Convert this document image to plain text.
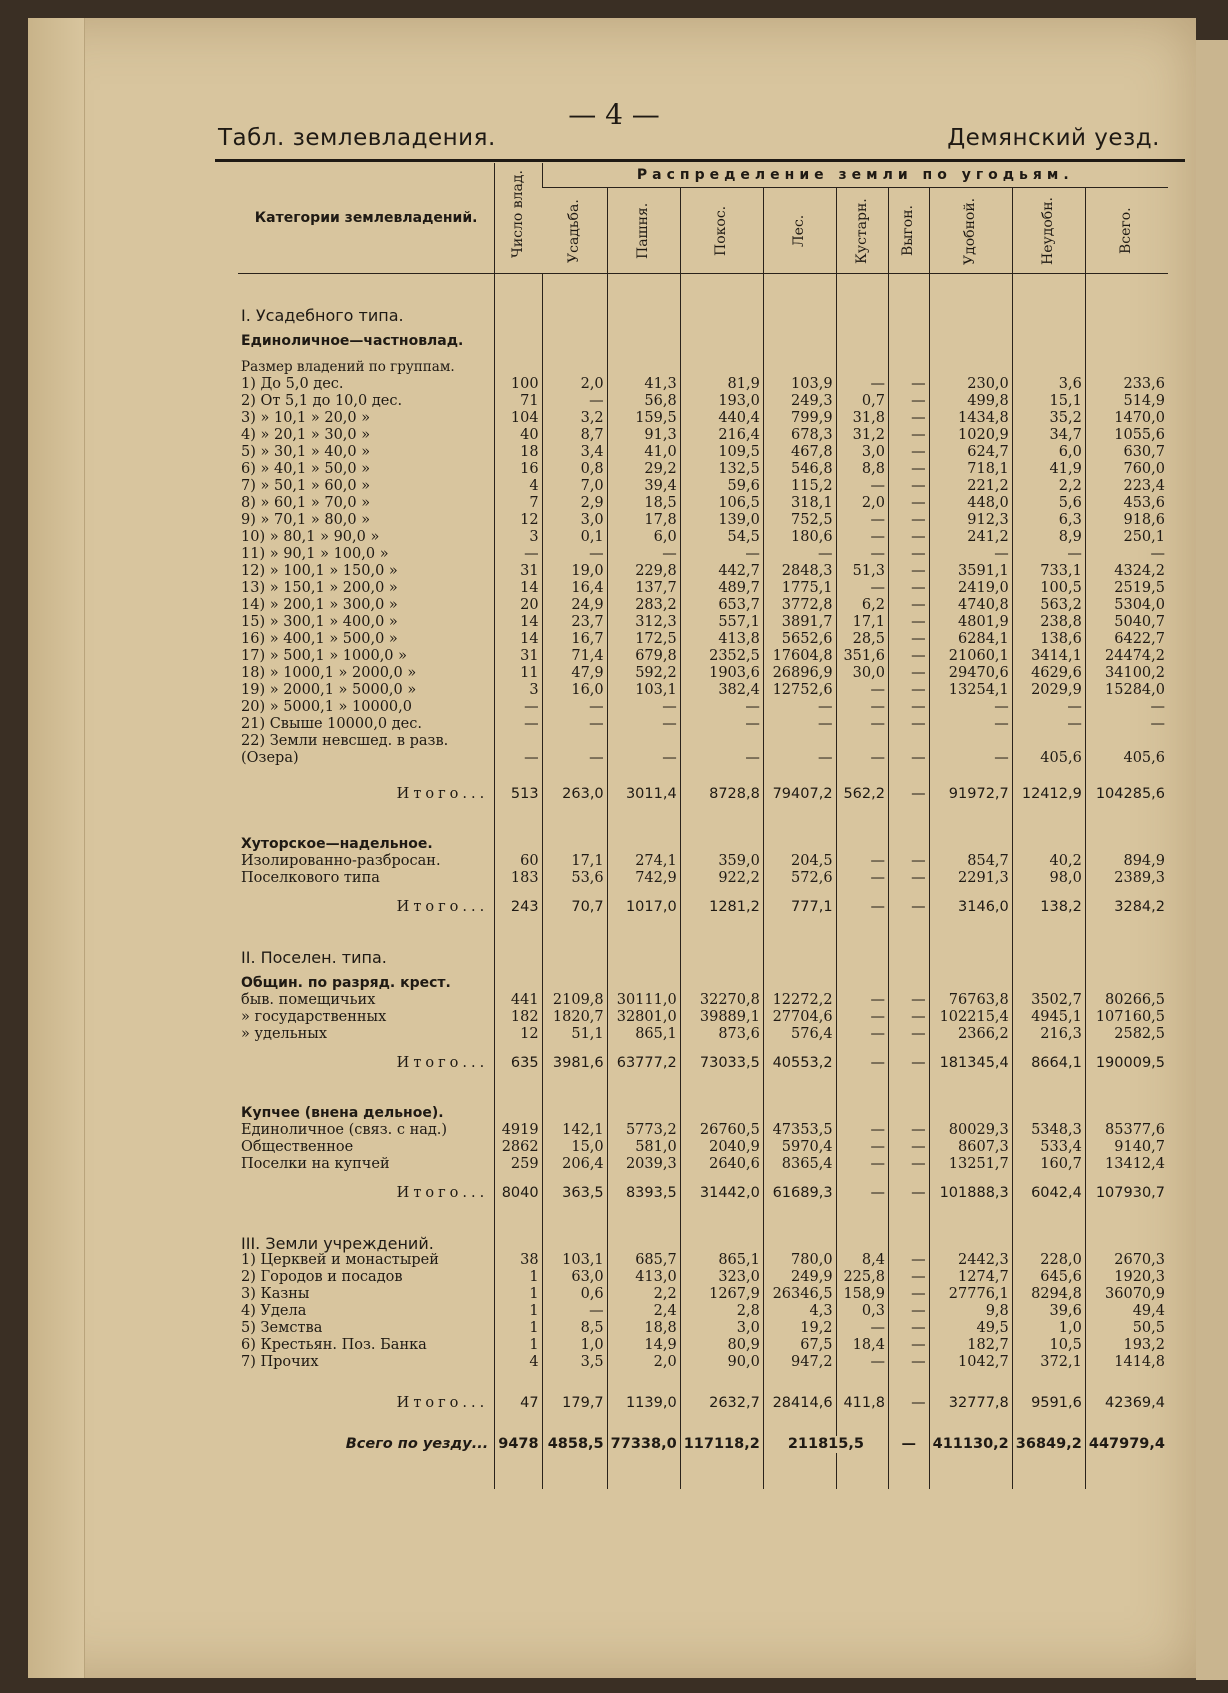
— 4 —
Табл. землевладения.	Демянский уезд.
Категории землевладений.	Число влад.	Распределение земли по угодьям.								

		Усадьба.	Пашня.	Покос.	Лес.	Кустарн.	Выгон.	Удобной.	Неудобн.	Всего.

I. Усадебного типа.										
Единоличное—частновлад.										
Размер владений по группам.										
1) До 5,0 дес.	100	2,0	41,3	81,9	103,9	—	—	230,0	3,6	233,6
2) От 5,1 до 10,0 дес.	71	—	56,8	193,0	249,3	0,7	—	499,8	15,1	514,9
3) » 10,1 » 20,0 »	104	3,2	159,5	440,4	799,9	31,8	—	1434,8	35,2	1470,0
4) » 20,1 » 30,0 »	40	8,7	91,3	216,4	678,3	31,2	—	1020,9	34,7	1055,6
5) » 30,1 » 40,0 »	18	3,4	41,0	109,5	467,8	3,0	—	624,7	6,0	630,7
6) » 40,1 » 50,0 »	16	0,8	29,2	132,5	546,8	8,8	—	718,1	41,9	760,0
7) » 50,1 » 60,0 »	4	7,0	39,4	59,6	115,2	—	—	221,2	2,2	223,4
8) » 60,1 » 70,0 »	7	2,9	18,5	106,5	318,1	2,0	—	448,0	5,6	453,6
9) » 70,1 » 80,0 »	12	3,0	17,8	139,0	752,5	—	—	912,3	6,3	918,6
10) » 80,1 » 90,0 »	3	0,1	6,0	54,5	180,6	—	—	241,2	8,9	250,1
11) » 90,1 » 100,0 »	—	—	—	—	—	—	—	—	—	—
12) » 100,1 » 150,0 »	31	19,0	229,8	442,7	2848,3	51,3	—	3591,1	733,1	4324,2
13) » 150,1 » 200,0 »	14	16,4	137,7	489,7	1775,1	—	—	2419,0	100,5	2519,5
14) » 200,1 » 300,0 »	20	24,9	283,2	653,7	3772,8	6,2	—	4740,8	563,2	5304,0
15) » 300,1 » 400,0 »	14	23,7	312,3	557,1	3891,7	17,1	—	4801,9	238,8	5040,7
16) » 400,1 » 500,0 »	14	16,7	172,5	413,8	5652,6	28,5	—	6284,1	138,6	6422,7
17) » 500,1 » 1000,0 »	31	71,4	679,8	2352,5	17604,8	351,6	—	21060,1	3414,1	24474,2
18) » 1000,1 » 2000,0 »	11	47,9	592,2	1903,6	26896,9	30,0	—	29470,6	4629,6	34100,2
19) » 2000,1 » 5000,0 »	3	16,0	103,1	382,4	12752,6	—	—	13254,1	2029,9	15284,0
20) » 5000,1 » 10000,0	—	—	—	—	—	—	—	—	—	—
21) Свыше 10000,0 дес.	—	—	—	—	—	—	—	—	—	—
22) Земли невсшед. в разв.										
(Озера)	—	—	—	—	—	—	—	—	405,6	405,6

Итого...	513	263,0	3011,4	8728,8	79407,2	562,2	—	91972,7	12412,9	104285,6

Хуторское—надельное.										
Изолированно-разбросан.	60	17,1	274,1	359,0	204,5	—	—	854,7	40,2	894,9
Поселкового типа	183	53,6	742,9	922,2	572,6	—	—	2291,3	98,0	2389,3

Итого...	243	70,7	1017,0	1281,2	777,1	—	—	3146,0	138,2	3284,2

II. Поселен. типа.										
Общин. по разряд. крест.										
быв. помещичьих	441	2109,8	30111,0	32270,8	12272,2	—	—	76763,8	3502,7	80266,5
» государственных	182	1820,7	32801,0	39889,1	27704,6	—	—	102215,4	4945,1	107160,5
» удельных	12	51,1	865,1	873,6	576,4	—	—	2366,2	216,3	2582,5

Итого...	635	3981,6	63777,2	73033,5	40553,2	—	—	181345,4	8664,1	190009,5

Купчее (внена дельное).										
Единоличное (связ. с над.)	4919	142,1	5773,2	26760,5	47353,5	—	—	80029,3	5348,3	85377,6
Общественное	2862	15,0	581,0	2040,9	5970,4	—	—	8607,3	533,4	9140,7
Поселки на купчей	259	206,4	2039,3	2640,6	8365,4	—	—	13251,7	160,7	13412,4

Итого...	8040	363,5	8393,5	31442,0	61689,3	—	—	101888,3	6042,4	107930,7

III. Земли учреждений.										
1) Церквей и монастырей	38	103,1	685,7	865,1	780,0	8,4	—	2442,3	228,0	2670,3
2) Городов и посадов	1	63,0	413,0	323,0	249,9	225,8	—	1274,7	645,6	1920,3
3) Казны	1	0,6	2,2	1267,9	26346,5	158,9	—	27776,1	8294,8	36070,9
4) Удела	1	—	2,4	2,8	4,3	0,3	—	9,8	39,6	49,4
5) Земства	1	8,5	18,8	3,0	19,2	—	—	49,5	1,0	50,5
6) Крестьян. Поз. Банка	1	1,0	14,9	80,9	67,5	18,4	—	182,7	10,5	193,2
7) Прочих	4	3,5	2,0	90,0	947,2	—	—	1042,7	372,1	1414,8

Итого...	47	179,7	1139,0	2632,7	28414,6	411,8	—	32777,8	9591,6	42369,4

Всего по уезду...	9478	4858,5	77338,0	117118,2	211815,5		—	411130,2	36849,2	447979,4
